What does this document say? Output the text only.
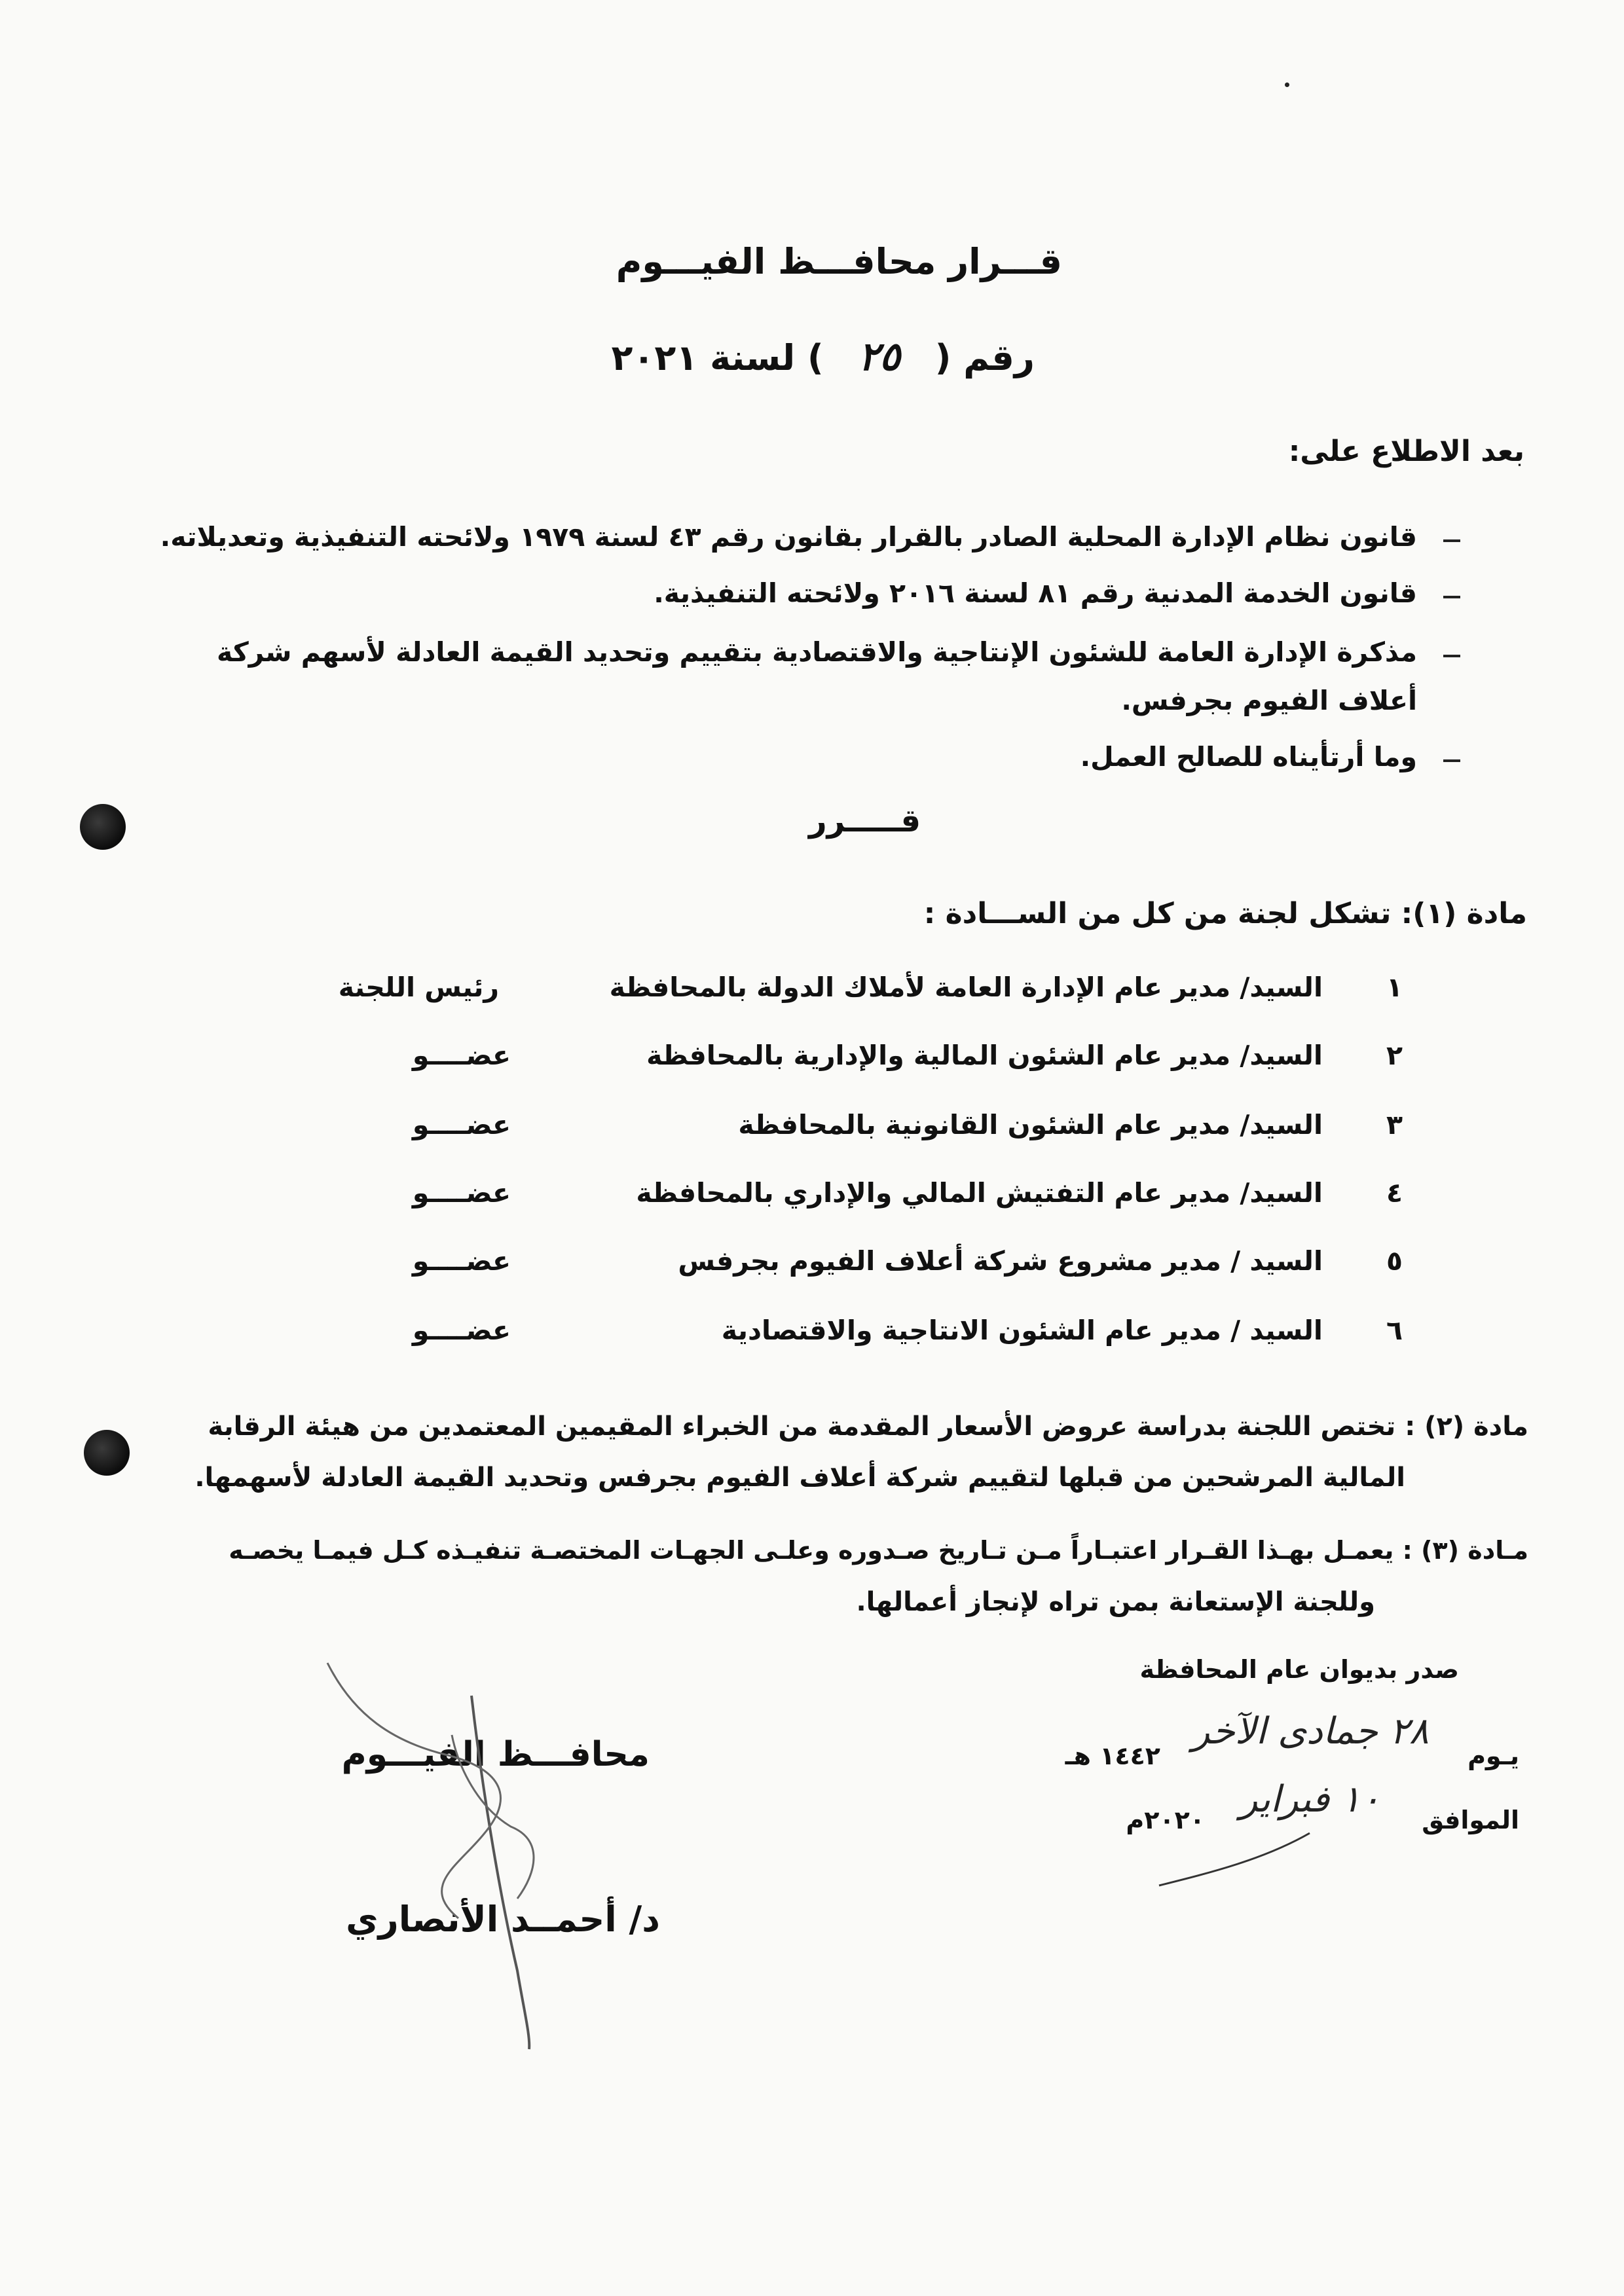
قـــرار محافـــظ الفيـــوم
رقم ( ٢٥ ) لسنة ٢٠٢١
بعد الاطلاع على:
قانون نظام الإدارة المحلية الصادر بالقرار بقانون رقم ٤٣ لسنة ١٩٧٩ ولائحته التنفيذية وتعديلاته.
قانون الخدمة المدنية رقم ٨١ لسنة ٢٠١٦ ولائحته التنفيذية.
مذكرة الإدارة العامة للشئون الإنتاجية والاقتصادية بتقييم وتحديد القيمة العادلة لأسهم شركة
أعلاف الفيوم بجرفس.
وما أرتأيناه للصالح العمل.
قـــــرر
مادة (١): تشكل لجنة من كل من الســـادة :
١
السيد/ مدير عام الإدارة العامة لأملاك الدولة بالمحافظة
رئيس اللجنة
٢
السيد/ مدير عام الشئون المالية والإدارية بالمحافظة
عضــــو
٣
السيد/ مدير عام الشئون القانونية بالمحافظة
عضــــو
٤
السيد/ مدير عام التفتيش المالي والإداري بالمحافظة
عضــــو
٥
السيد / مدير مشروع شركة أعلاف الفيوم بجرفس
عضــــو
٦
السيد / مدير عام الشئون الانتاجية والاقتصادية
عضــــو
مادة (٢) : تختص اللجنة بدراسة عروض الأسعار المقدمة من الخبراء المقيمين المعتمدين من هيئة الرقابة
المالية المرشحين من قبلها لتقييم شركة أعلاف الفيوم بجرفس وتحديد القيمة العادلة لأسهمها.
مـادة (٣) : يعمـل بهـذا القـرار اعتبـاراً مـن تـاريخ صـدوره وعلـى الجهـات المختصـة تنفيـذه كـل فيمـا يخصـه
وللجنة الإستعانة بمن تراه لإنجاز أعمالها.
صدر بديوان عام المحافظة
يـوم
٢٨ جمادى الآخر
١٤٤٢ هـ
الموافق
١٠ فبراير
٢٠٢٠م
محافـــظ الفيـــوم
د/ أحمــد الأنصاري
